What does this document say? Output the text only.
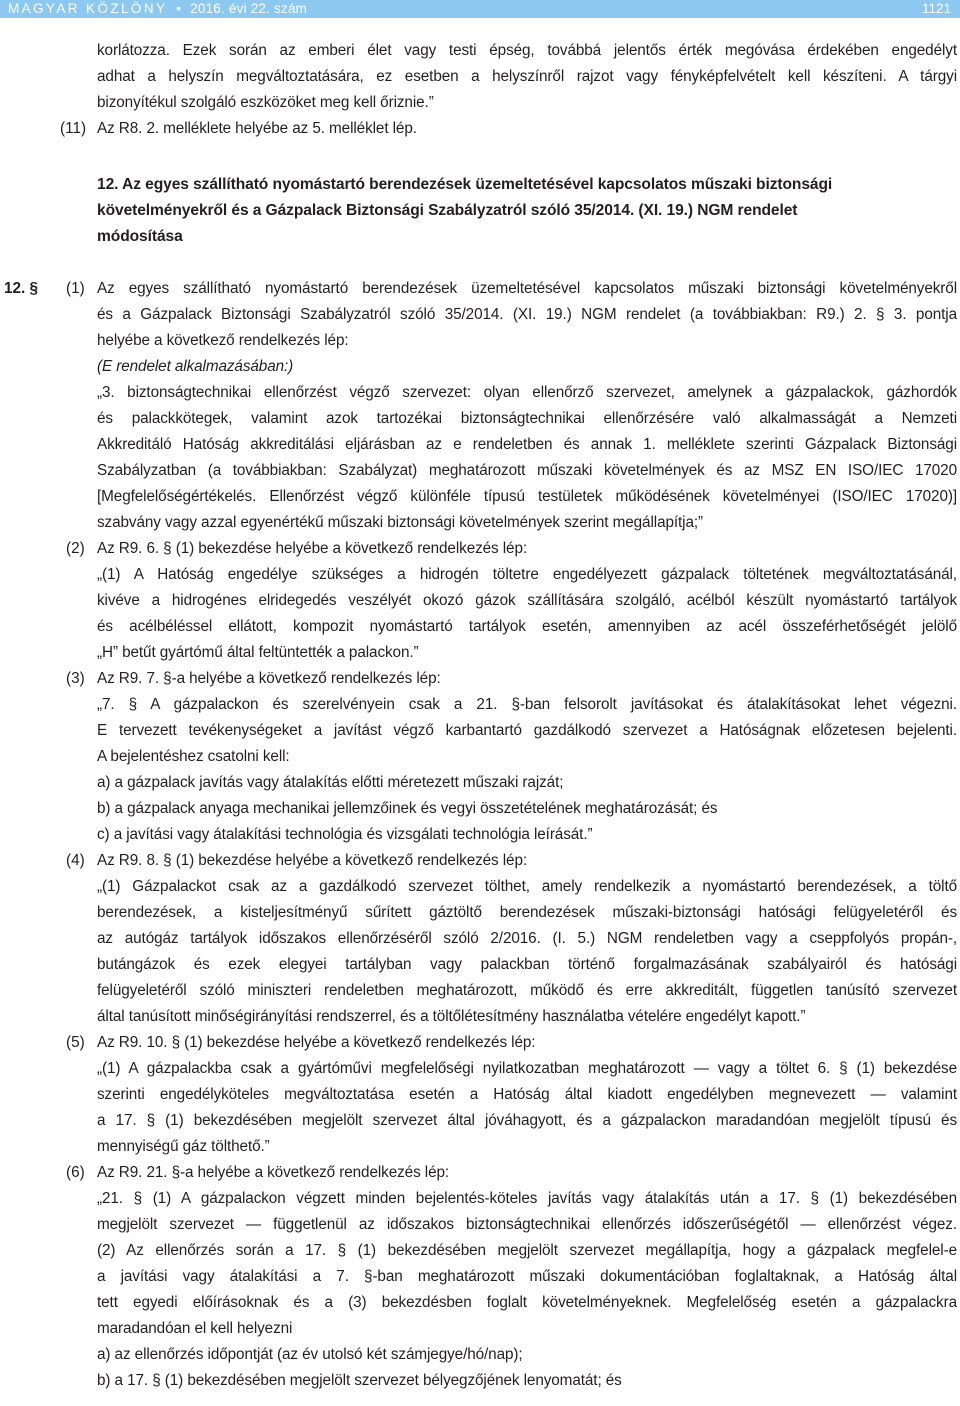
MAGYAR KÖZLÖNY • 2016. évi 22. szám	1121
korlátozza. Ezek során az emberi élet vagy testi épség, továbbá jelentős érték megóvása érdekében engedélyt
adhat a helyszín megváltoztatására, ez esetben a helyszínről rajzot vagy fényképfelvételt kell készíteni. A tárgyi
bizonyítékul szolgáló eszközöket meg kell őriznie.”
(11) Az R8. 2. melléklete helyébe az 5. melléklet lép.
12. Az egyes szállítható nyomástartó berendezések üzemeltetésével kapcsolatos műszaki biztonsági
követelményekről és a Gázpalack Biztonsági Szabályzatról szóló 35/2014. (XI. 19.) NGM rendelet
módosítása
12. § (1) Az egyes szállítható nyomástartó berendezések üzemeltetésével kapcsolatos műszaki biztonsági követelményekről
és a Gázpalack Biztonsági Szabályzatról szóló 35/2014. (XI. 19.) NGM rendelet (a továbbiakban: R9.) 2. § 3. pontja
helyébe a következő rendelkezés lép:
(E rendelet alkalmazásában:)
„3. biztonságtechnikai ellenőrzést végző szervezet: olyan ellenőrző szervezet, amelynek a gázpalackok, gázhordók
és palackkötegek, valamint azok tartozékai biztonságtechnikai ellenőrzésére való alkalmasságát a Nemzeti
Akkreditáló Hatóság akkreditálási eljárásban az e rendeletben és annak 1. melléklete szerinti Gázpalack Biztonsági
Szabályzatban (a továbbiakban: Szabályzat) meghatározott műszaki követelmények és az MSZ EN ISO/IEC 17020
[Megfelelőségértékelés. Ellenőrzést végző különféle típusú testületek működésének követelményei (ISO/IEC 17020)]
szabvány vagy azzal egyenértékű műszaki biztonsági követelmények szerint megállapítja;”
(2) Az R9. 6. § (1) bekezdése helyébe a következő rendelkezés lép:
„(1) A Hatóság engedélye szükséges a hidrogén töltetre engedélyezett gázpalack töltetének megváltoztatásánál,
kivéve a hidrogénes elridegedés veszélyét okozó gázok szállítására szolgáló, acélból készült nyomástartó tartályok
és acélbéléssel ellátott, kompozit nyomástartó tartályok esetén, amennyiben az acél összeférhetőségét jelölő
„H” betűt gyártómű által feltüntették a palackon.”
(3) Az R9. 7. §-a helyébe a következő rendelkezés lép:
„7. § A gázpalackon és szerelvényein csak a 21. §-ban felsorolt javításokat és átalakításokat lehet végezni.
E tervezett tevékenységeket a javítást végző karbantartó gazdálkodó szervezet a Hatóságnak előzetesen bejelenti.
A bejelentéshez csatolni kell:
a) a gázpalack javítás vagy átalakítás előtti méretezett műszaki rajzát;
b) a gázpalack anyaga mechanikai jellemzőinek és vegyi összetételének meghatározását; és
c) a javítási vagy átalakítási technológia és vizsgálati technológia leírását.”
(4) Az R9. 8. § (1) bekezdése helyébe a következő rendelkezés lép:
„(1) Gázpalackot csak az a gazdálkodó szervezet tölthet, amely rendelkezik a nyomástartó berendezések, a töltő
berendezések, a kisteljesítményű sűrített gáztöltő berendezések műszaki-biztonsági hatósági felügyeletéről és
az autógáz tartályok időszakos ellenőrzéséről szóló 2/2016. (I. 5.) NGM rendeletben vagy a cseppfolyós propán-,
butángázok és ezek elegyei tartályban vagy palackban történő forgalmazásának szabályairól és hatósági
felügyeletéről szóló miniszteri rendeletben meghatározott, működő és erre akkreditált, független tanúsító szervezet
által tanúsított minőségirányítási rendszerrel, és a töltőlétesítmény használatba vételére engedélyt kapott.”
(5) Az R9. 10. § (1) bekezdése helyébe a következő rendelkezés lép:
„(1) A gázpalackba csak a gyártóművi megfelelőségi nyilatkozatban meghatározott — vagy a töltet 6. § (1) bekezdése
szerinti engedélyköteles megváltoztatása esetén a Hatóság által kiadott engedélyben megnevezett — valamint
a 17. § (1) bekezdésében megjelölt szervezet által jóváhagyott, és a gázpalackon maradandóan megjelölt típusú és
mennyiségű gáz tölthető.”
(6) Az R9. 21. §-a helyébe a következő rendelkezés lép:
„21. § (1) A gázpalackon végzett minden bejelentés-köteles javítás vagy átalakítás után a 17. § (1) bekezdésében
megjelölt szervezet — függetlenül az időszakos biztonságtechnikai ellenőrzés időszerűségétől — ellenőrzést végez.
(2) Az ellenőrzés során a 17. § (1) bekezdésében megjelölt szervezet megállapítja, hogy a gázpalack megfelel-e
a javítási vagy átalakítási a 7. §-ban meghatározott műszaki dokumentációban foglaltaknak, a Hatóság által
tett egyedi előírásoknak és a (3) bekezdésben foglalt követelményeknek. Megfelelőség esetén a gázpalackra
maradandóan el kell helyezni
a) az ellenőrzés időpontját (az év utolsó két számjegye/hó/nap);
b) a 17. § (1) bekezdésében megjelölt szervezet bélyegzőjének lenyomatát; és
